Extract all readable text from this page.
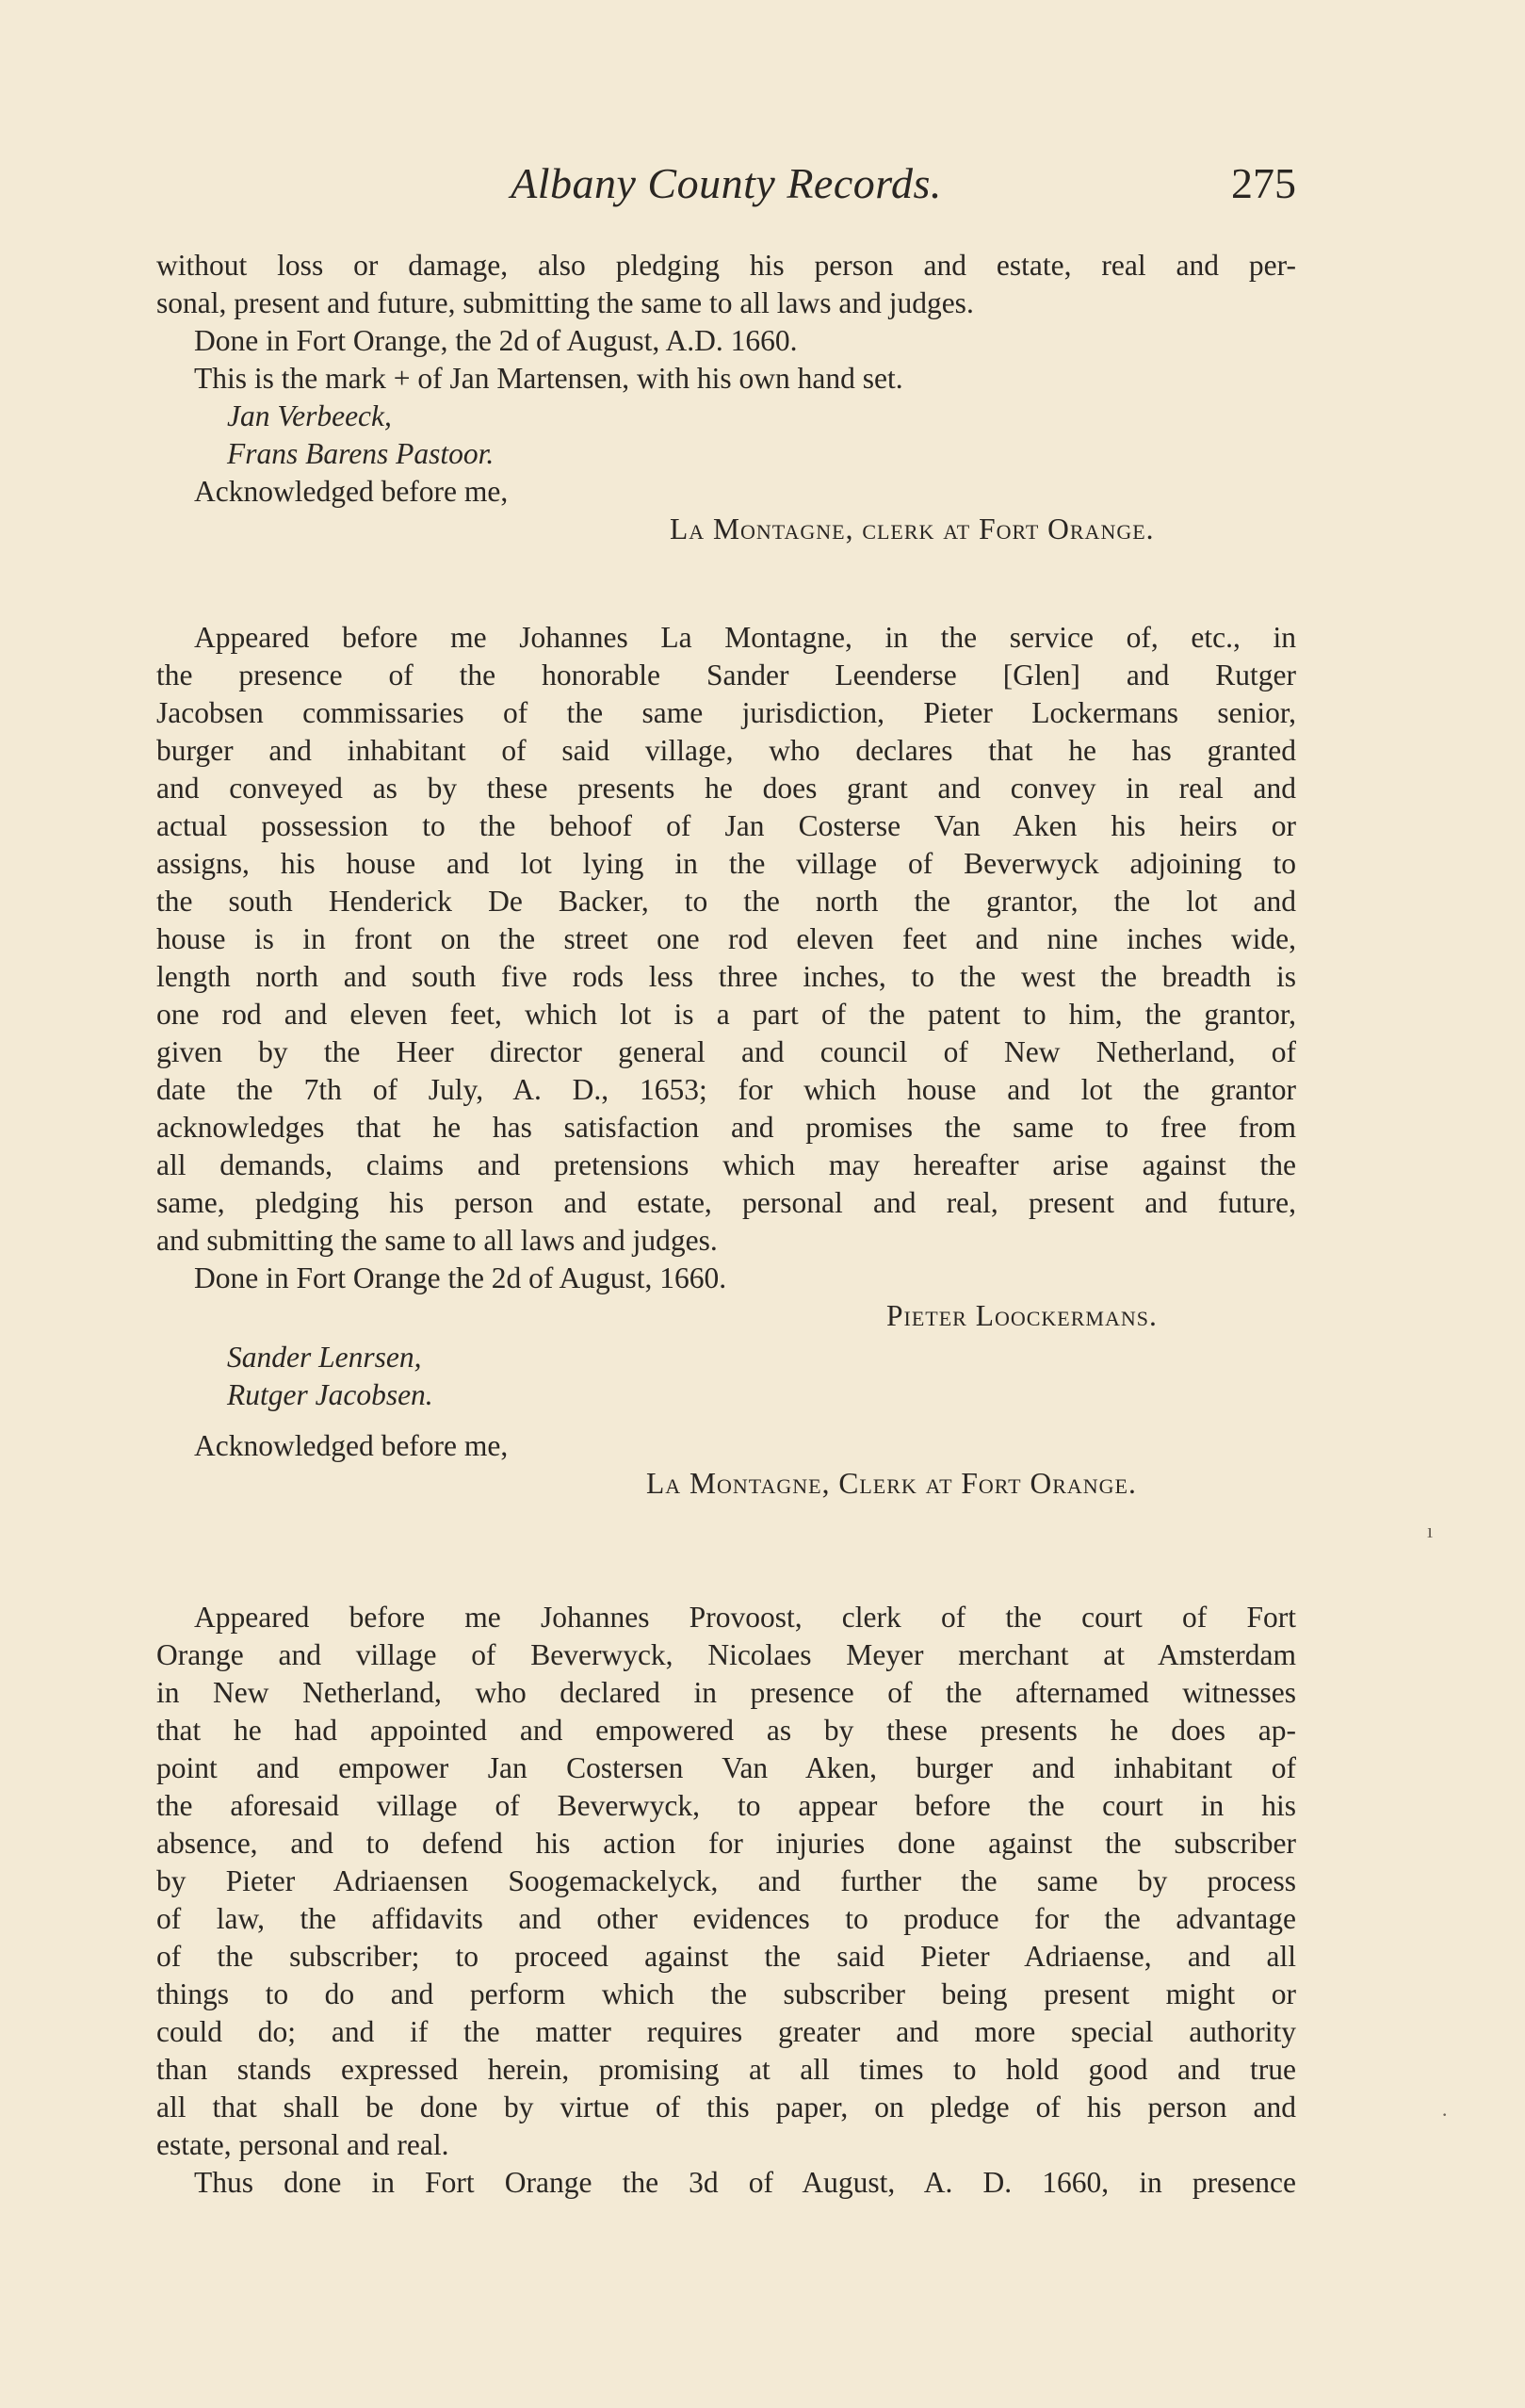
Albany County Records.	275
without loss or damage, also pledging his person and estate, real and per-
sonal, present and future, submitting the same to all laws and judges.
Done in Fort Orange, the 2d of August, A.D. 1660.
This is the mark + of Jan Martensen, with his own hand set.
Jan Verbeeck,
Frans Barens Pastoor.
Acknowledged before me,
La Montagne, clerk at Fort Orange.
Appeared before me Johannes La Montagne, in the service of, etc., in
the presence of the honorable Sander Leenderse [Glen] and Rutger
Jacobsen commissaries of the same jurisdiction, Pieter Lockermans senior,
burger and inhabitant of said village, who declares that he has granted
and conveyed as by these presents he does grant and convey in real and
actual possession to the behoof of Jan Costerse Van Aken his heirs or
assigns, his house and lot lying in the village of Beverwyck adjoining to
the south Henderick De Backer, to the north the grantor, the lot and
house is in front on the street one rod eleven feet and nine inches wide,
length north and south five rods less three inches, to the west the breadth is
one rod and eleven feet, which lot is a part of the patent to him, the grantor,
given by the Heer director general and council of New Netherland, of
date the 7th of July, A. D., 1653; for which house and lot the grantor
acknowledges that he has satisfaction and promises the same to free from
all demands, claims and pretensions which may hereafter arise against the
same, pledging his person and estate, personal and real, present and future,
and submitting the same to all laws and judges.
Done in Fort Orange the 2d of August, 1660.
Pieter Loockermans.
Sander Lenrsen,
Rutger Jacobsen.
Acknowledged before me,
La Montagne, Clerk at Fort Orange.
Appeared before me Johannes Provoost, clerk of the court of Fort
Orange and village of Beverwyck, Nicolaes Meyer merchant at Amsterdam
in New Netherland, who declared in presence of the afternamed witnesses
that he had appointed and empowered as by these presents he does ap-
point and empower Jan Costersen Van Aken, burger and inhabitant of
the aforesaid village of Beverwyck, to appear before the court in his
absence, and to defend his action for injuries done against the subscriber
by Pieter Adriaensen Soogemackelyck, and further the same by process
of law, the affidavits and other evidences to produce for the advantage
of the subscriber; to proceed against the said Pieter Adriaense, and all
things to do and perform which the subscriber being present might or
could do; and if the matter requires greater and more special authority
than stands expressed herein, promising at all times to hold good and true
all that shall be done by virtue of this paper, on pledge of his person and
estate, personal and real.
Thus done in Fort Orange the 3d of August, A. D. 1660, in presence
ı
·
